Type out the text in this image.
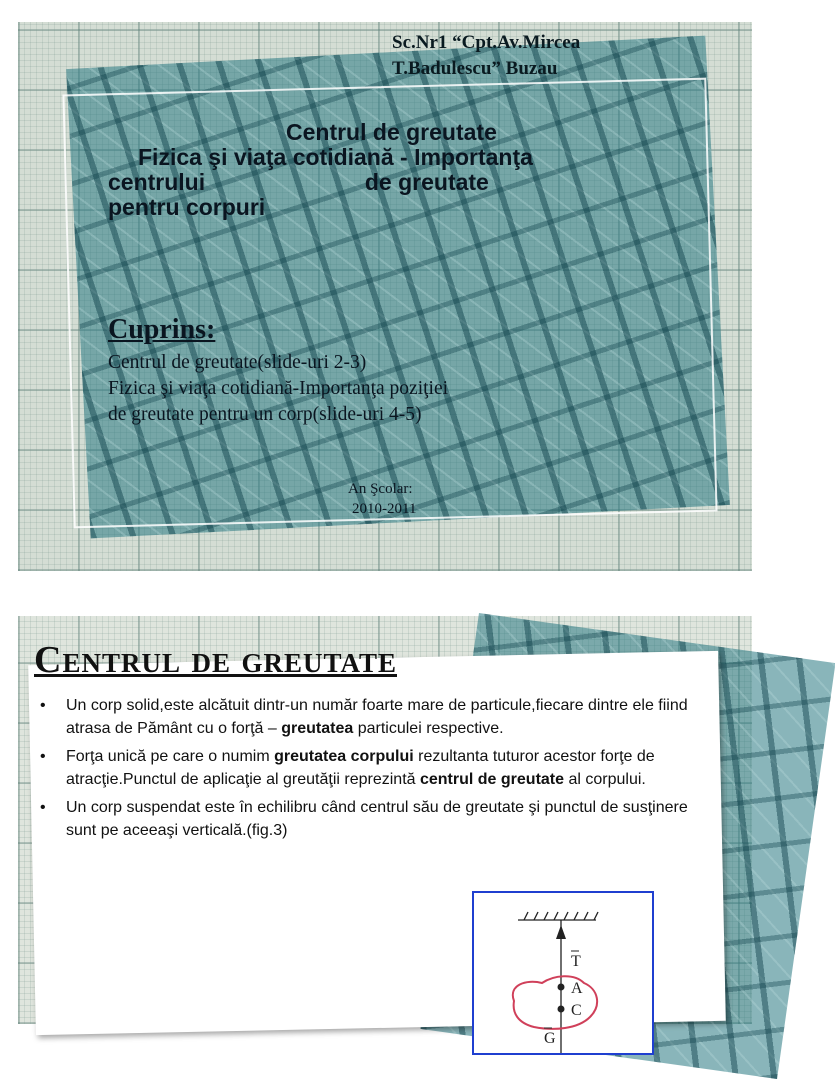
Sc.Nr1 “Cpt.Av.Mircea
T.Badulescu” Buzau
Centrul de greutate
Fizica şi viaţa cotidiană - Importanţa
centrului                         de greutate
pentru corpuri
Cuprins:
Centrul de greutate(slide-uri 2-3)
Fizica şi viaţa cotidiană-Importanţa poziţiei
de greutate pentru un corp(slide-uri 4-5)
An Şcolar:
2010-2011
Centrul de greutate
• Un corp solid,este alcătuit dintr-un număr foarte mare de particule,fiecare dintre ele fiind atrasa de Pământ cu o forţă – greutatea particulei respective.
• Forţa unică pe care o numim greutatea corpului rezultanta tuturor acestor forţe de atracţie.Punctul de aplicaţie al greutăţii reprezintă centrul de greutate al corpului.
• Un corp suspendat este în echilibru când centrul său de greutate şi punctul de susţinere sunt pe aceeaşi verticală.(fig.3)
T
A
C
G
